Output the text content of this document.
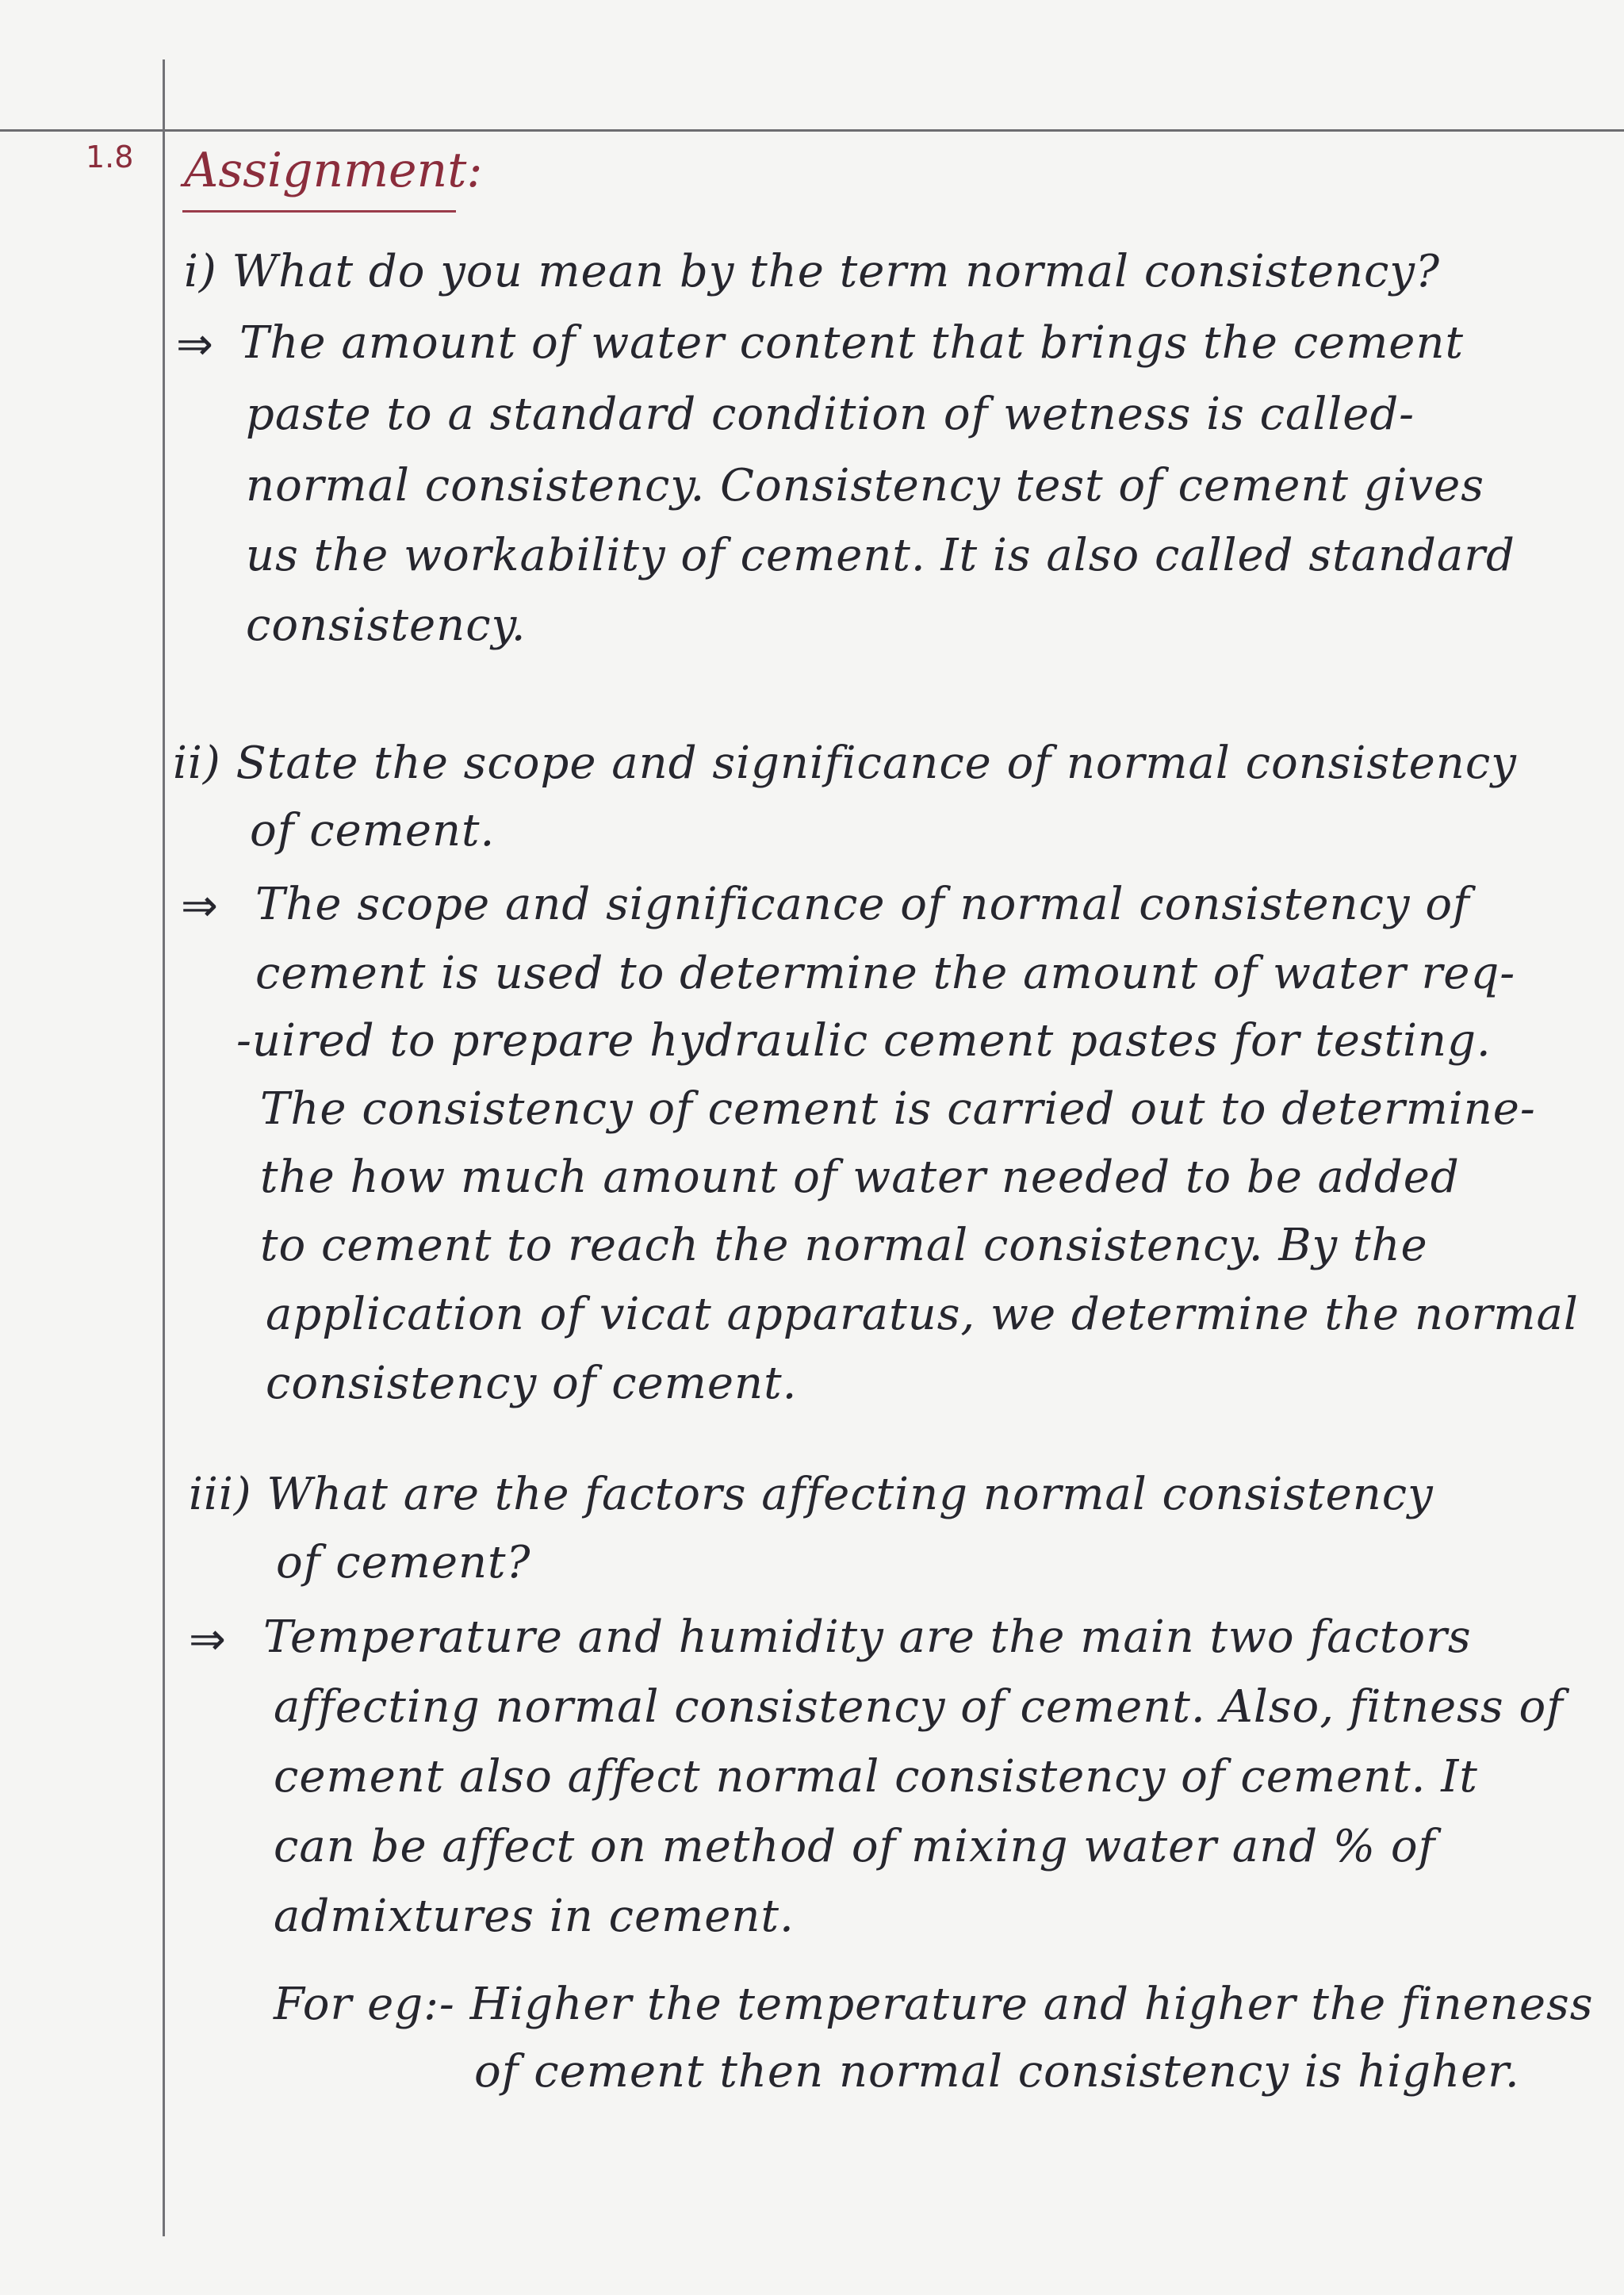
1.8 Assignment:
i) What do you mean by the term normal consistency?
⇒ The amount of water content that brings the cement
paste to a standard condition of wetness is called-
normal consistency. Consistency test of cement gives
us the workability of cement. It is also called standard
consistency.
ii) State the scope and significance of normal consistency
of cement.
⇒ The scope and significance of normal consistency of
cement is used to determine the amount of water req-
-uired to prepare hydraulic cement pastes for testing.
The consistency of cement is carried out to determine-
the how much amount of water needed to be added
to cement to reach the normal consistency. By the
application of vicat apparatus, we determine the normal
consistency of cement.
iii) What are the factors affecting normal consistency
of cement?
⇒ Temperature and humidity are the main two factors
affecting normal consistency of cement. Also, fitness of
cement also affect normal consistency of cement. It
can be affect on method of mixing water and % of
admixtures in cement.
For eg:- Higher the temperature and higher the fineness
of cement then normal consistency is higher.
